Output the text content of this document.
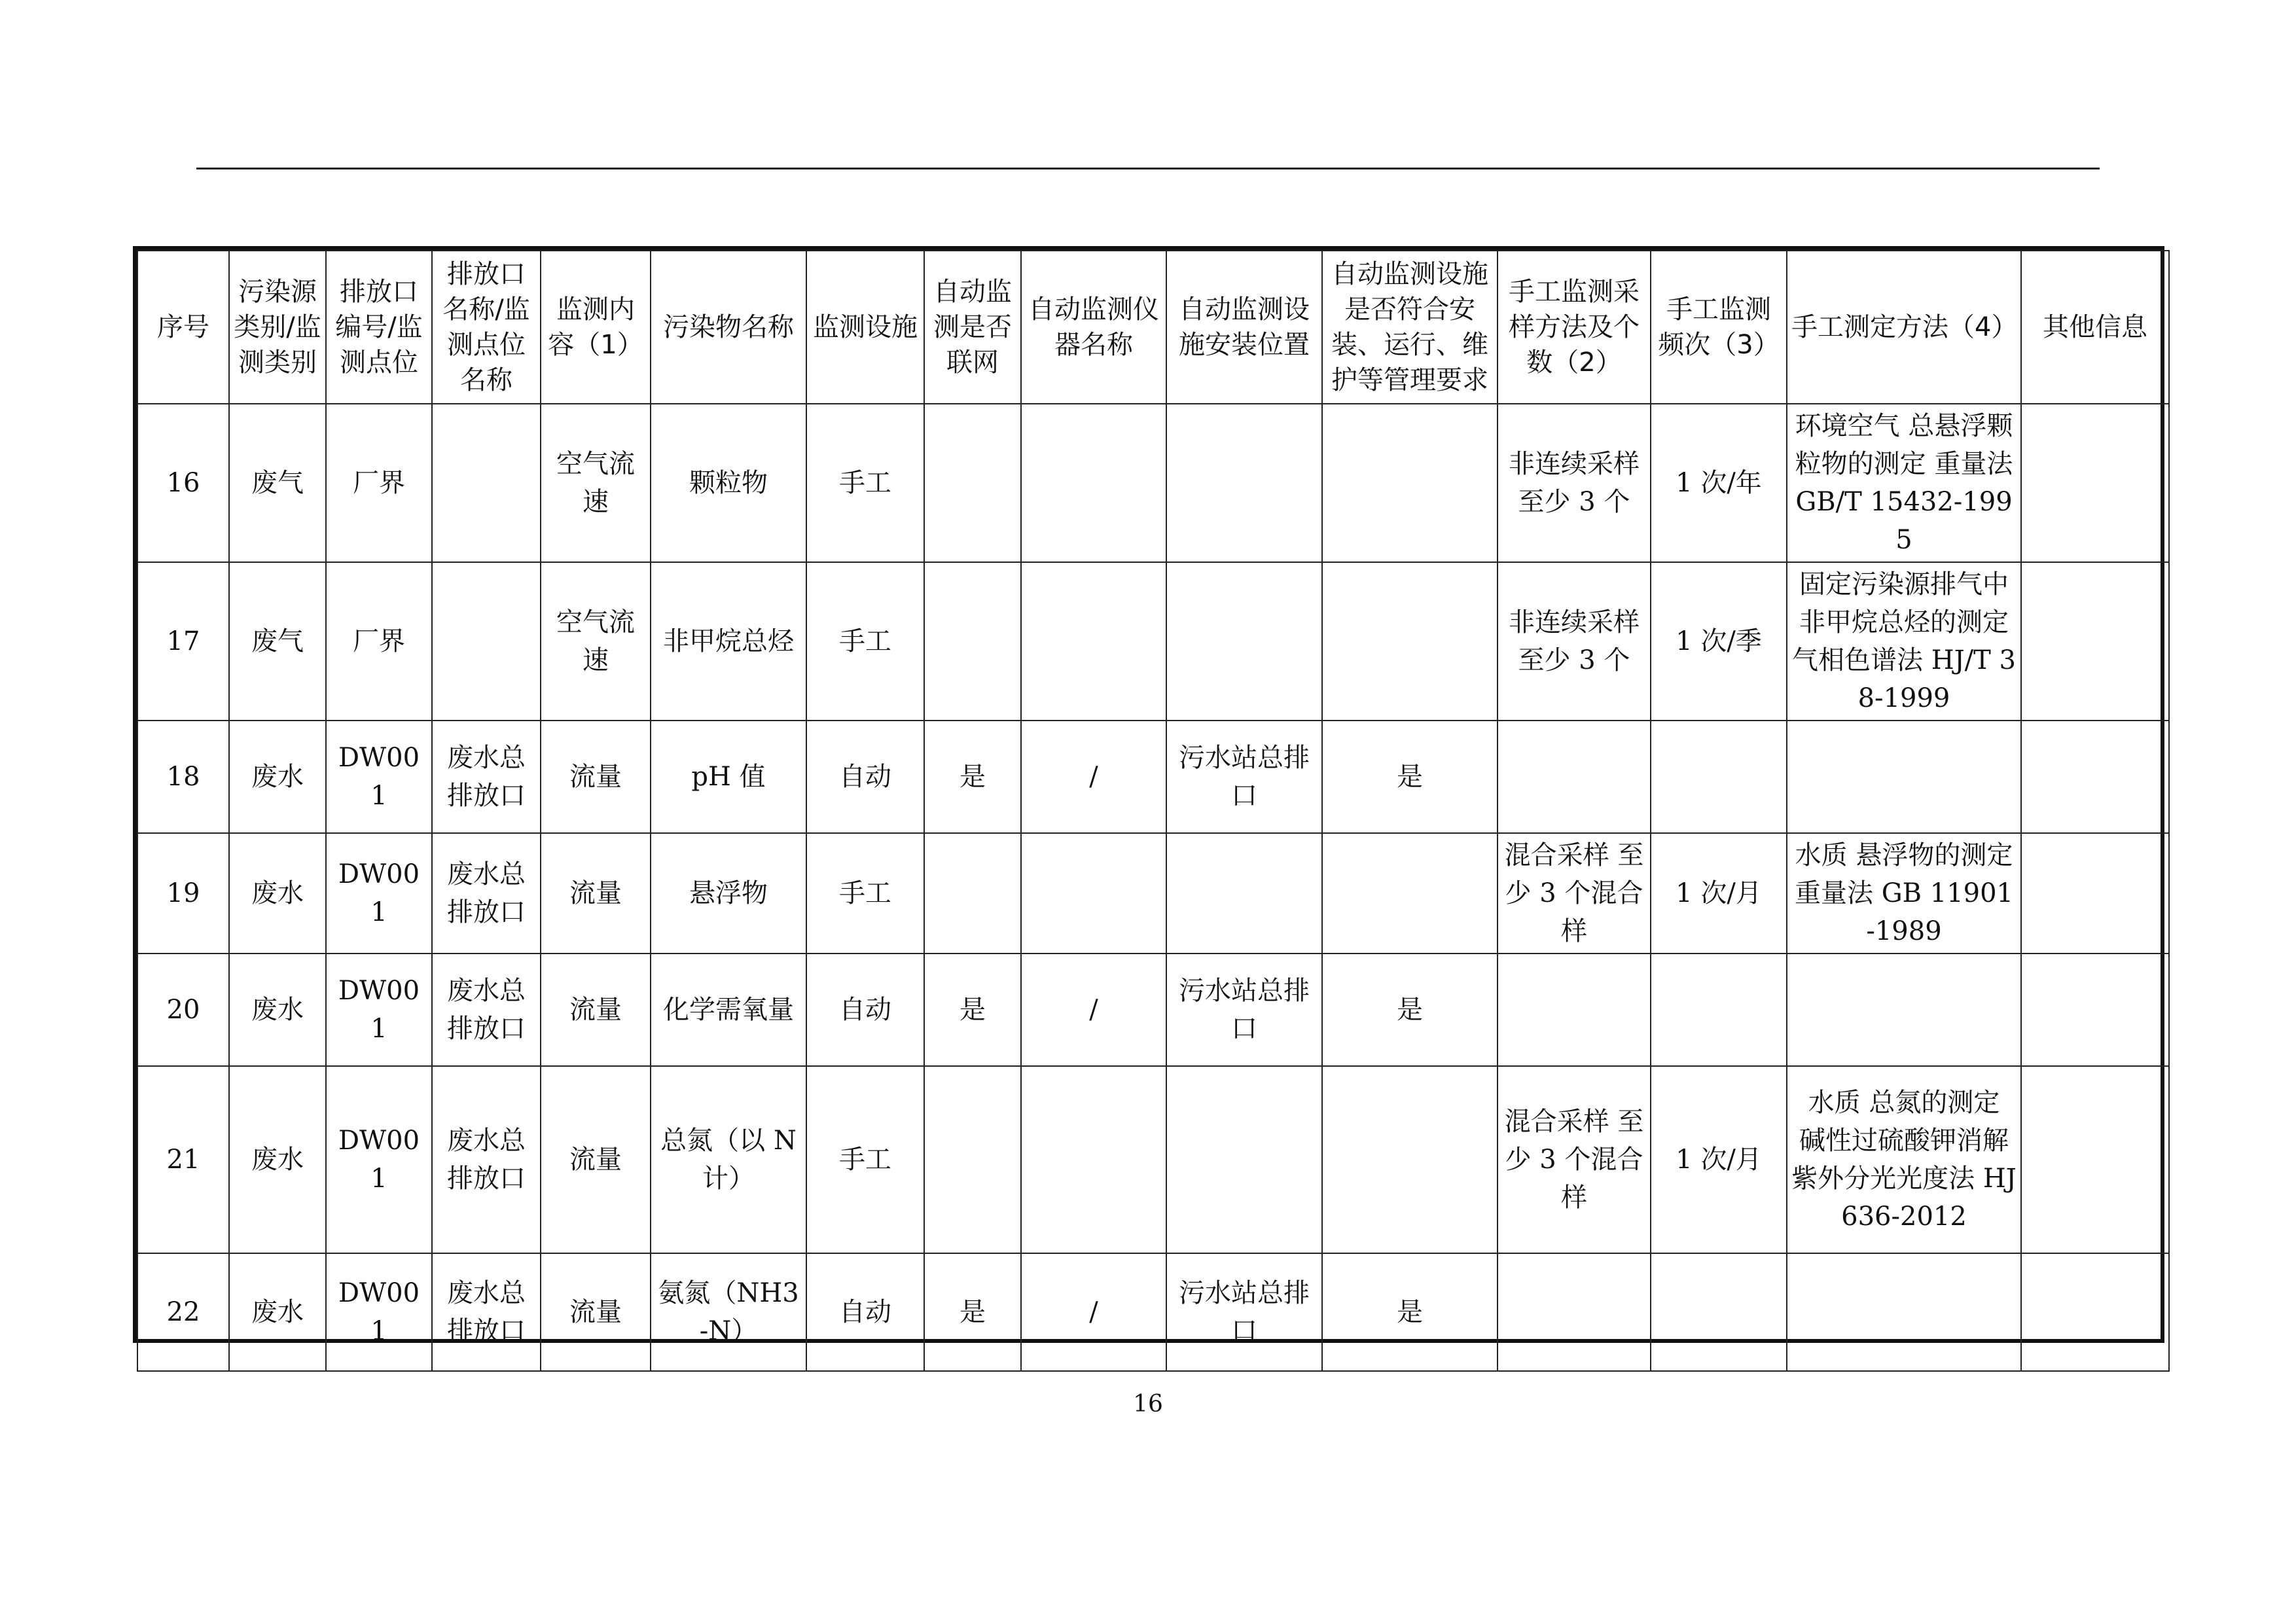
序号	污染源类别/监测类别	排放口编号/监测点位	排放口名称/监测点位名称	监测内容（1）	污染物名称	监测设施	自动监测是否联网	自动监测仪器名称	自动监测设施安装位置	自动监测设施是否符合安装、运行、维护等管理要求	手工监测采样方法及个数（2）	手工监测频次（3）	手工测定方法（4）	其他信息
16	废气	厂界		空气流速	颗粒物	手工					非连续采样 至少 3 个	1 次/年	环境空气 总悬浮颗粒物的测定 重量法 GB/T 15432-1995	
17	废气	厂界		空气流速	非甲烷总烃	手工					非连续采样 至少 3 个	1 次/季	固定污染源排气中非甲烷总烃的测定 气相色谱法 HJ/T 38-1999	
18	废水	DW001	废水总排放口	流量	pH 值	自动	是	/	污水站总排口	是				
19	废水	DW001	废水总排放口	流量	悬浮物	手工					混合采样 至少 3 个混合样	1 次/月	水质 悬浮物的测定 重量法 GB 11901-1989	
20	废水	DW001	废水总排放口	流量	化学需氧量	自动	是	/	污水站总排口	是				
21	废水	DW001	废水总排放口	流量	总氮（以 N 计）	手工					混合采样 至少 3 个混合样	1 次/月	水质 总氮的测定 碱性过硫酸钾消解紫外分光光度法 HJ 636-2012	
22	废水	DW001	废水总排放口	流量	氨氮（NH3-N）	自动	是	/	污水站总排口	是				
16
